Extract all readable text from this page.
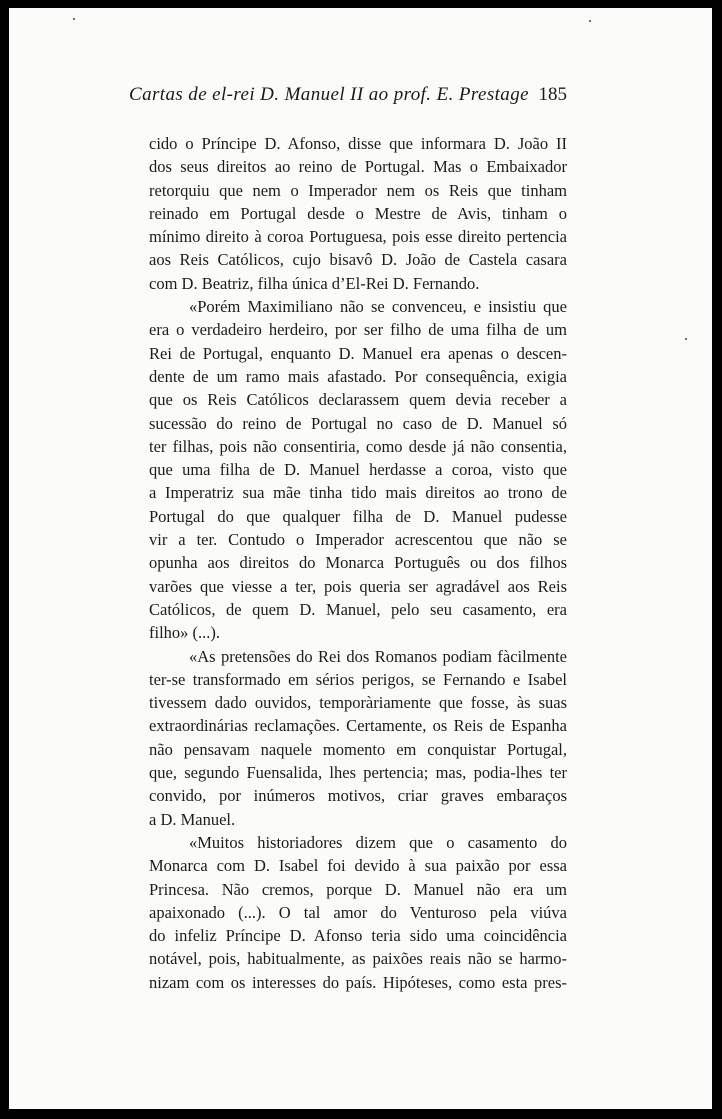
Cartas de el-rei D. Manuel II ao prof. E. Prestage 185
cido o Príncipe D. Afonso, disse que informara D. João II
dos seus direitos ao reino de Portugal. Mas o Embaixador
retorquiu que nem o Imperador nem os Reis que tinham
reinado em Portugal desde o Mestre de Avis, tinham o
mínimo direito à coroa Portuguesa, pois esse direito pertencia
aos Reis Católicos, cujo bisavô D. João de Castela casara
com D. Beatriz, filha única d’El-Rei D. Fernando.
«Porém Maximiliano não se convenceu, e insistiu que
era o verdadeiro herdeiro, por ser filho de uma filha de um
Rei de Portugal, enquanto D. Manuel era apenas o descen-
dente de um ramo mais afastado. Por consequência, exigia
que os Reis Católicos declarassem quem devia receber a
sucessão do reino de Portugal no caso de D. Manuel só
ter filhas, pois não consentiria, como desde já não consentia,
que uma filha de D. Manuel herdasse a coroa, visto que
a Imperatriz sua mãe tinha tido mais direitos ao trono de
Portugal do que qualquer filha de D. Manuel pudesse
vir a ter. Contudo o Imperador acrescentou que não se
opunha aos direitos do Monarca Português ou dos filhos
varões que viesse a ter, pois queria ser agradável aos Reis
Católicos, de quem D. Manuel, pelo seu casamento, era
filho» (...).
«As pretensões do Rei dos Romanos podiam fàcilmente
ter-se transformado em sérios perigos, se Fernando e Isabel
tivessem dado ouvidos, temporàriamente que fosse, às suas
extraordinárias reclamações. Certamente, os Reis de Espanha
não pensavam naquele momento em conquistar Portugal,
que, segundo Fuensalida, lhes pertencia; mas, podia-lhes ter
convido, por inúmeros motivos, criar graves embaraços
a D. Manuel.
«Muitos historiadores dizem que o casamento do
Monarca com D. Isabel foi devido à sua paixão por essa
Princesa. Não cremos, porque D. Manuel não era um
apaixonado (...). O tal amor do Venturoso pela viúva
do infeliz Príncipe D. Afonso teria sido uma coincidência
notável, pois, habitualmente, as paixões reais não se harmo-
nizam com os interesses do país. Hipóteses, como esta pres-
